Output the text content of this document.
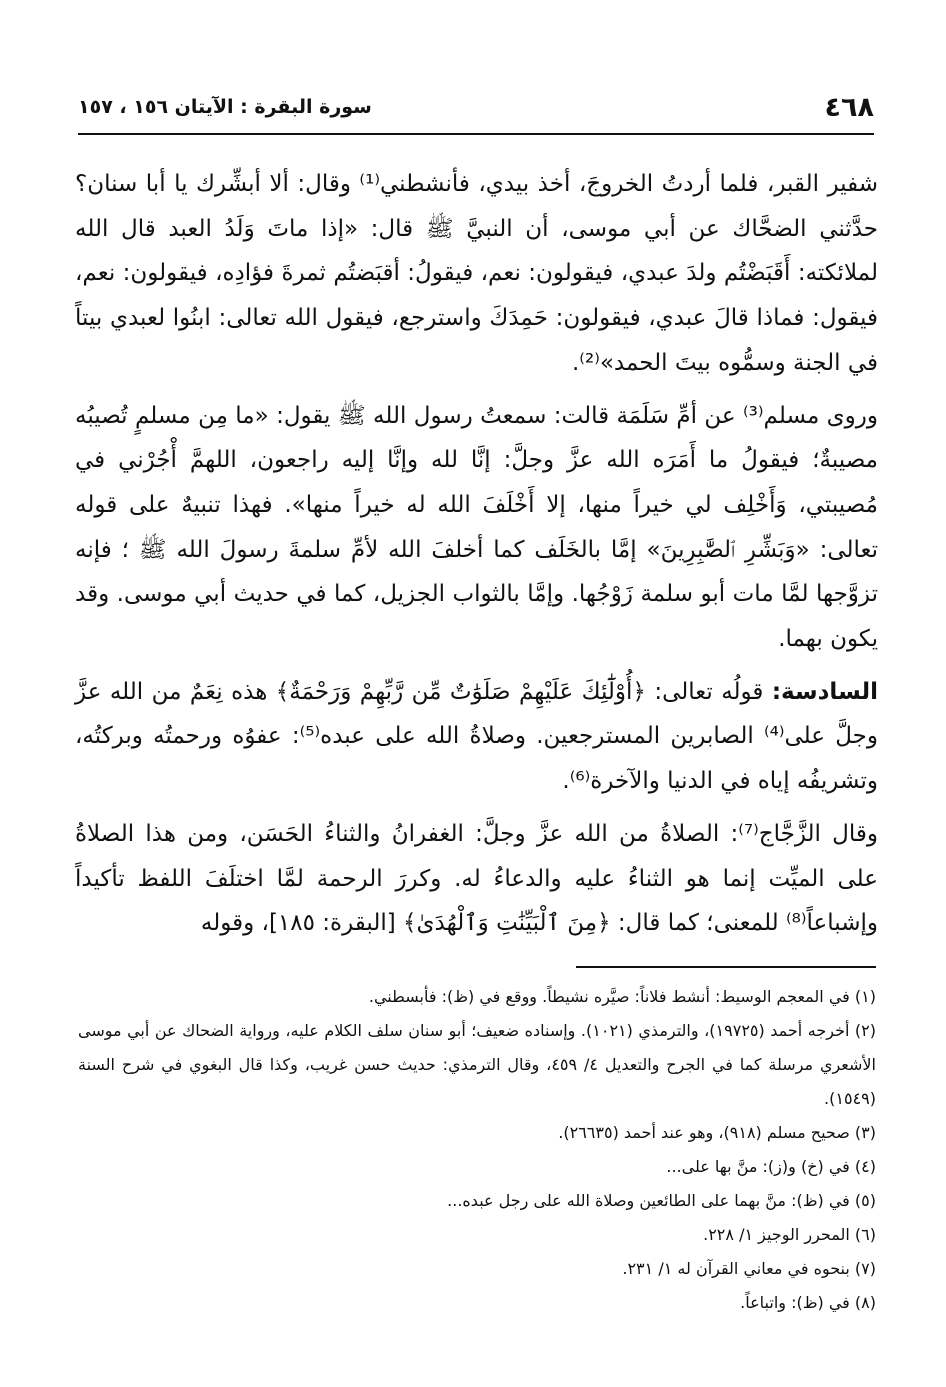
٤٦٨
سورة البقرة : الآيتان ١٥٦ ، ١٥٧

شفير القبر، فلما أردتُ الخروجَ، أخذ بيدي، فأنشطني⁽¹⁾ وقال: ألا أبشِّرك يا أبا سنان؟ حدَّثني الضحَّاك عن أبي موسى، أن النبيَّ ﷺ قال: «إذا ماتَ وَلَدُ العبد قال الله لملائكته: أَقَبَضْتُم ولدَ عبدي، فيقولون: نعم، فيقولُ: أقبَضتُم ثمرةَ فؤادِه، فيقولون: نعم، فيقول: فماذا قالَ عبدي، فيقولون: حَمِدَكَ واسترجع، فيقول الله تعالى: ابنُوا لعبدي بيتاً في الجنة وسمُّوه بيتَ الحمد»⁽²⁾.

وروى مسلم⁽³⁾ عن أمِّ سَلَمَة قالت: سمعتُ رسول الله ﷺ يقول: «ما مِن مسلمٍ تُصيبُه مصيبةٌ؛ فيقولُ ما أَمَرَه الله عزَّ وجلَّ: إنَّا لله وإنَّا إليه راجعون، اللهمَّ أْجُرْني في مُصيبتي، وَأَخْلِف لي خيراً منها، إلا أَخْلَفَ الله له خيراً منها». فهذا تنبيهٌ على قوله تعالى: «وَبَشِّرِ ٱلصَّٰبِرِينَ» إمَّا بالخَلَف كما أخلفَ الله لأمِّ سلمةَ رسولَ الله ﷺ ؛ فإنه تزوَّجها لمَّا مات أبو سلمة زَوْجُها. وإمَّا بالثواب الجزيل، كما في حديث أبي موسى. وقد يكون بهما.

السادسة: قولُه تعالى: ﴿أُوْلَٰٓئِكَ عَلَيْهِمْ صَلَوَٰتٌ مِّن رَّبِّهِمْ وَرَحْمَةٌ﴾ هذه نِعَمٌ من الله عزَّ وجلَّ على⁽⁴⁾ الصابرين المسترجعين. وصلاةُ الله على عبده⁽⁵⁾: عفوُه ورحمتُه وبركتُه، وتشريفُه إياه في الدنيا والآخرة⁽⁶⁾.

وقال الزَّجَّاج⁽⁷⁾: الصلاةُ من الله عزَّ وجلَّ: الغفرانُ والثناءُ الحَسَن، ومن هذا الصلاةُ على الميِّت إنما هو الثناءُ عليه والدعاءُ له. وكررَ الرحمة لمَّا اختلَفَ اللفظ تأكيداً وإشباعاً⁽⁸⁾ للمعنى؛ كما قال: ﴿مِنَ ٱلْبَيِّنَٰتِ وَٱلْهُدَىٰ﴾ [البقرة: ١٨٥]، وقوله

(١) في المعجم الوسيط: أنشط فلاناً: صيَّره نشيطاً. ووقع في (ظ): فأبسطني.

(٢) أخرجه أحمد (١٩٧٢٥)، والترمذي (١٠٢١). وإسناده ضعيف؛ أبو سنان سلف الكلام عليه، ورواية الضحاك عن أبي موسى الأشعري مرسلة كما في الجرح والتعديل ٤/ ٤٥٩، وقال الترمذي: حديث حسن غريب، وكذا قال البغوي في شرح السنة (١٥٤٩).

(٣) صحيح مسلم (٩١٨)، وهو عند أحمد (٢٦٦٣٥).

(٤) في (خ) و(ز): منَّ بها على...

(٥) في (ظ): منَّ بهما على الطائعين وصلاة الله على رجل عبده...

(٦) المحرر الوجيز ١/ ٢٢٨.

(٧) بنحوه في معاني القرآن له ١/ ٢٣١.

(٨) في (ظ): واتباعاً.
